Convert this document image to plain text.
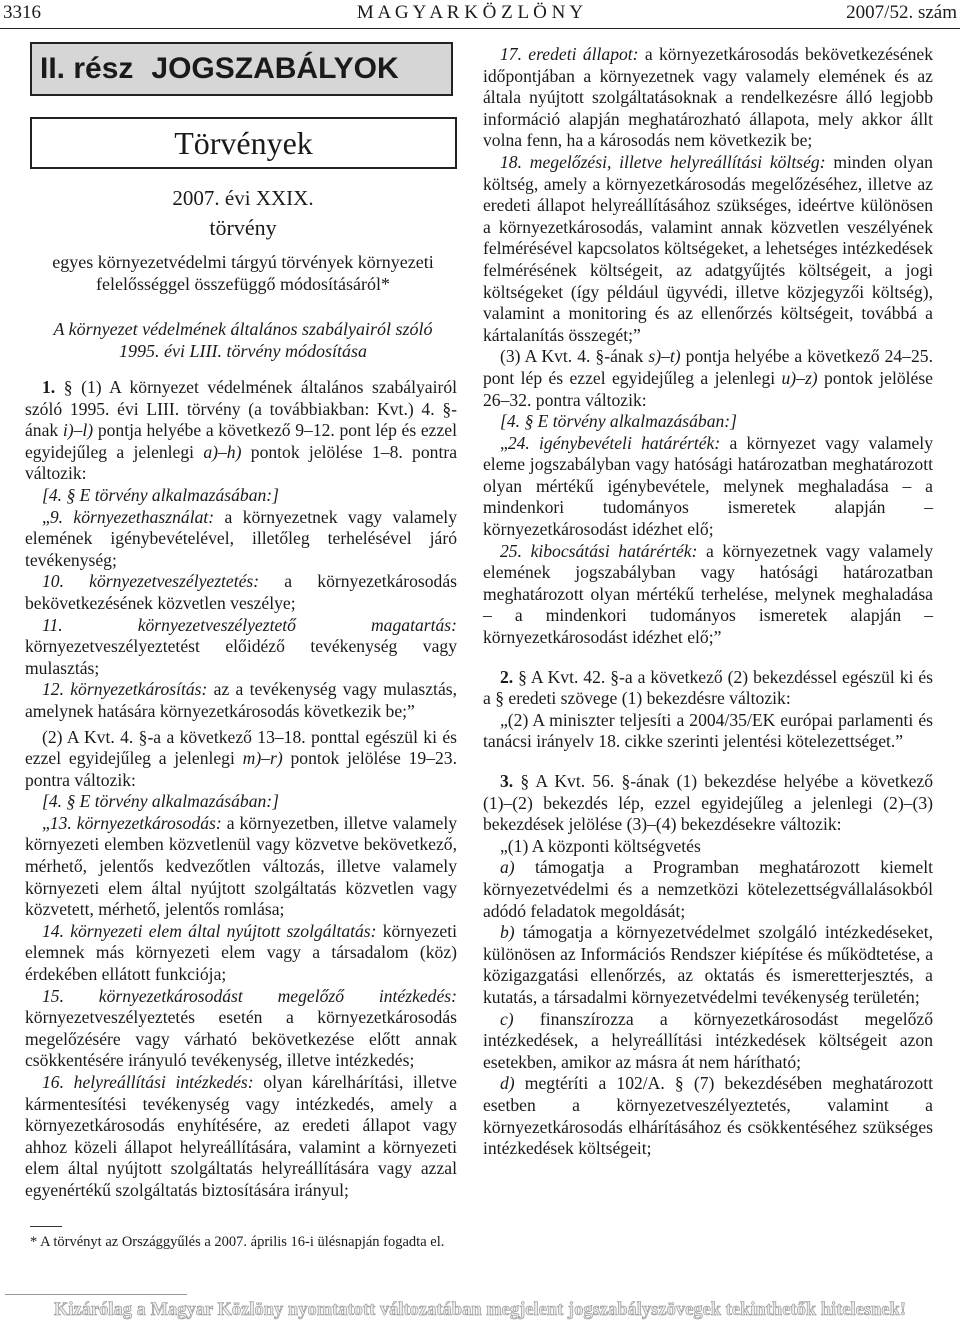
3316	M A G Y A R K Ö Z L Ö N Y	2007/52. szám
II. rész JOGSZABÁLYOK
Törvények
2007. évi XXIX.
törvény
egyes környezetvédelmi tárgyú törvények környezeti
felelősséggel összefüggő módosításáról*
A környezet védelmének általános szabályairól szóló
1995. évi LIII. törvény módosítása

1. § (1) A környezet védelmének általános szabályairól szóló 1995. évi LIII. törvény (a továbbiakban: Kvt.) 4. §-ának i)–l) pontja helyébe a következő 9–12. pont lép és ezzel egyidejűleg a jelenlegi a)–h) pontok jelölése 1–8. pontra változik:

[4. § E törvény alkalmazásában:]

„9. környezethasználat: a környezetnek vagy valamely elemének igénybevételével, illetőleg terhelésével járó tevékenység;

10. környezetveszélyeztetés: a környezetkárosodás bekövetkezésének közvetlen veszélye;

11. környezetveszélyeztető magatartás: környezetveszélyeztetést előidéző tevékenység vagy mulasztás;

12. környezetkárosítás: az a tevékenység vagy mulasztás, amelynek hatására környezetkárosodás következik be;”

(2) A Kvt. 4. §-a a következő 13–18. ponttal egészül ki és ezzel egyidejűleg a jelenlegi m)–r) pontok jelölése 19–23. pontra változik:

[4. § E törvény alkalmazásában:]

„13. környezetkárosodás: a környezetben, illetve valamely környezeti elemben közvetlenül vagy közvetve bekövetkező, mérhető, jelentős kedvezőtlen változás, illetve valamely környezeti elem által nyújtott szolgáltatás közvetlen vagy közvetett, mérhető, jelentős romlása;

14. környezeti elem által nyújtott szolgáltatás: környezeti elemnek más környezeti elem vagy a társadalom (köz) érdekében ellátott funkciója;

15. környezetkárosodást megelőző intézkedés: környezetveszélyeztetés esetén a környezetkárosodás megelőzésére vagy várható bekövetkezése előtt annak csökkentésére irányuló tevékenység, illetve intézkedés;

16. helyreállítási intézkedés: olyan kárelhárítási, illetve kármentesítési tevékenység vagy intézkedés, amely a környezetkárosodás enyhítésére, az eredeti állapot vagy ahhoz közeli állapot helyreállítására, valamint a környezeti elem által nyújtott szolgáltatás helyreállítására vagy azzal egyenértékű szolgáltatás biztosítására irányul;

* A törvényt az Országgyűlés a 2007. április 16-i ülésnapján fogadta el.

17. eredeti állapot: a környezetkárosodás bekövetkezésének időpontjában a környezetnek vagy valamely elemének és az általa nyújtott szolgáltatásoknak a rendelkezésre álló legjobb információ alapján meghatározható állapota, mely akkor állt volna fenn, ha a károsodás nem következik be;

18. megelőzési, illetve helyreállítási költség: minden olyan költség, amely a környezetkárosodás megelőzéséhez, illetve az eredeti állapot helyreállításához szükséges, ideértve különösen a környezetkárosodás, valamint annak közvetlen veszélyének felmérésével kapcsolatos költségeket, a lehetséges intézkedések felmérésének költségeit, az adatgyűjtés költségeit, a jogi költségeket (így például ügyvédi, illetve közjegyzői költség), valamint a monitoring és az ellenőrzés költségeit, továbbá a kártalanítás összegét;”

(3) A Kvt. 4. §-ának s)–t) pontja helyébe a következő 24–25. pont lép és ezzel egyidejűleg a jelenlegi u)–z) pontok jelölése 26–32. pontra változik:

[4. § E törvény alkalmazásában:]

„24. igénybevételi határérték: a környezet vagy valamely eleme jogszabályban vagy hatósági határozatban meghatározott olyan mértékű igénybevétele, melynek meghaladása – a mindenkori tudományos ismeretek alapján – környezetkárosodást idézhet elő;

25. kibocsátási határérték: a környezetnek vagy valamely elemének jogszabályban vagy hatósági határozatban meghatározott olyan mértékű terhelése, melynek meghaladása – a mindenkori tudományos ismeretek alapján – környezetkárosodást idézhet elő;”

2. § A Kvt. 42. §-a a következő (2) bekezdéssel egészül ki és a § eredeti szövege (1) bekezdésre változik:

„(2) A miniszter teljesíti a 2004/35/EK európai parlamenti és tanácsi irányelv 18. cikke szerinti jelentési kötelezettséget.”

3. § A Kvt. 56. §-ának (1) bekezdése helyébe a következő (1)–(2) bekezdés lép, ezzel egyidejűleg a jelenlegi (2)–(3) bekezdések jelölése (3)–(4) bekezdésekre változik:

„(1) A központi költségvetés

a) támogatja a Programban meghatározott kiemelt környezetvédelmi és a nemzetközi kötelezettségvállalásokból adódó feladatok megoldását;

b) támogatja a környezetvédelmet szolgáló intézkedéseket, különösen az Információs Rendszer kiépítése és működtetése, a közigazgatási ellenőrzés, az oktatás és ismeretterjesztés, a kutatás, a társadalmi környezetvédelmi tevékenység területén;

c) finanszírozza a környezetkárosodást megelőző intézkedések, a helyreállítási intézkedések költségeit azon esetekben, amikor az másra át nem hárítható;

d) megtéríti a 102/A. § (7) bekezdésében meghatározott esetben a környezetveszélyeztetés, valamint a környezetkárosodás elhárításához és csökkentéséhez szükséges intézkedések költségeit;

Kizárólag a Magyar Közlöny nyomtatott változatában megjelent jogszabályszövegek tekinthetők hitelesnek!
